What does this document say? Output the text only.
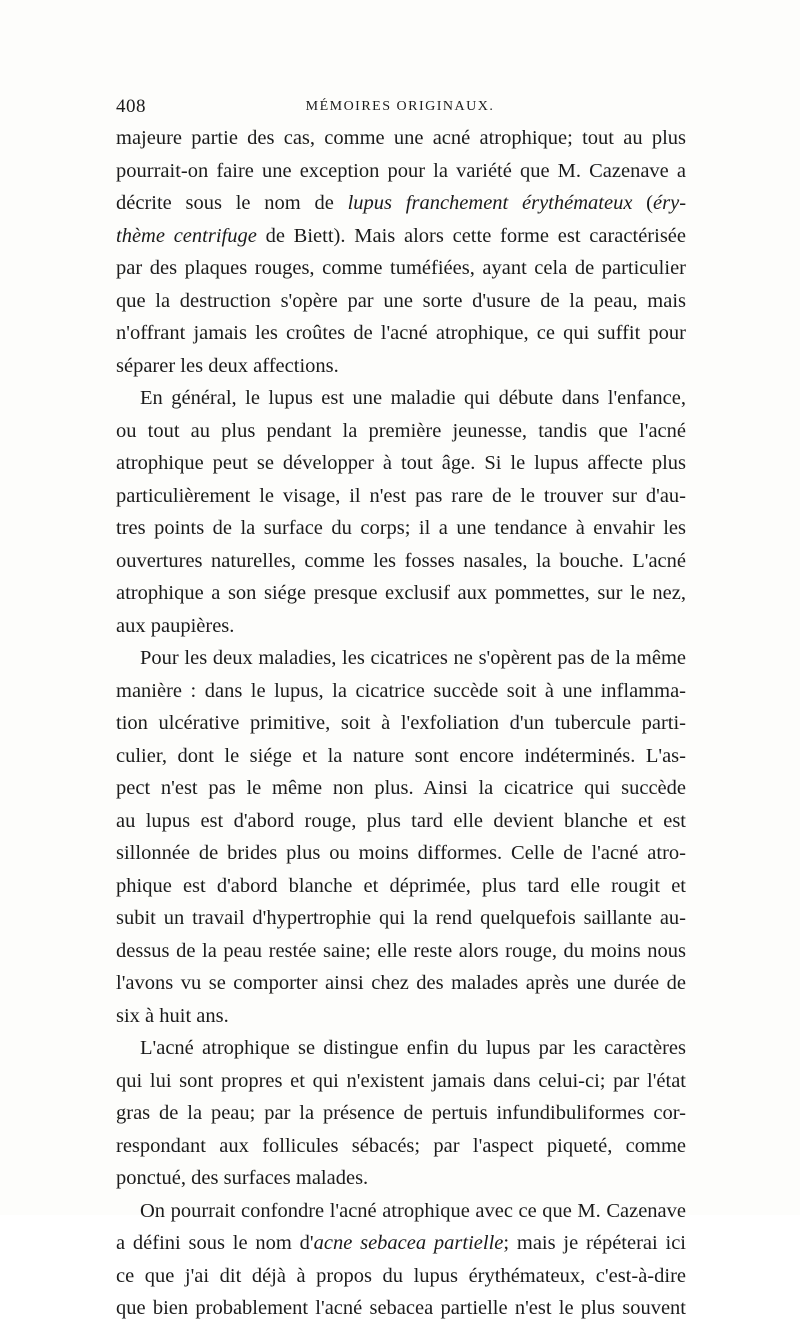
408	MÉMOIRES ORIGINAUX.
majeure partie des cas, comme une acné atrophique; tout au plus
pourrait-on faire une exception pour la variété que M. Cazenave a
décrite sous le nom de lupus franchement érythémateux (éry-
thème centrifuge de Biett). Mais alors cette forme est caractérisée
par des plaques rouges, comme tuméfiées, ayant cela de particulier
que la destruction s'opère par une sorte d'usure de la peau, mais
n'offrant jamais les croûtes de l'acné atrophique, ce qui suffit pour
séparer les deux affections.
En général, le lupus est une maladie qui débute dans l'enfance,
ou tout au plus pendant la première jeunesse, tandis que l'acné
atrophique peut se développer à tout âge. Si le lupus affecte plus
particulièrement le visage, il n'est pas rare de le trouver sur d'au-
tres points de la surface du corps; il a une tendance à envahir les
ouvertures naturelles, comme les fosses nasales, la bouche. L'acné
atrophique a son siége presque exclusif aux pommettes, sur le nez,
aux paupières.
Pour les deux maladies, les cicatrices ne s'opèrent pas de la même
manière : dans le lupus, la cicatrice succède soit à une inflamma-
tion ulcérative primitive, soit à l'exfoliation d'un tubercule parti-
culier, dont le siége et la nature sont encore indéterminés. L'as-
pect n'est pas le même non plus. Ainsi la cicatrice qui succède
au lupus est d'abord rouge, plus tard elle devient blanche et est
sillonnée de brides plus ou moins difformes. Celle de l'acné atro-
phique est d'abord blanche et déprimée, plus tard elle rougit et
subit un travail d'hypertrophie qui la rend quelquefois saillante au-
dessus de la peau restée saine; elle reste alors rouge, du moins nous
l'avons vu se comporter ainsi chez des malades après une durée de
six à huit ans.
L'acné atrophique se distingue enfin du lupus par les caractères
qui lui sont propres et qui n'existent jamais dans celui-ci; par l'état
gras de la peau; par la présence de pertuis infundibuliformes cor-
respondant aux follicules sébacés; par l'aspect piqueté, comme
ponctué, des surfaces malades.
On pourrait confondre l'acné atrophique avec ce que M. Cazenave
a défini sous le nom d'acne sebacea partielle; mais je répéterai ici
ce que j'ai dit déjà à propos du lupus érythémateux, c'est-à-dire
que bien probablement l'acné sebacea partielle n'est le plus souvent
